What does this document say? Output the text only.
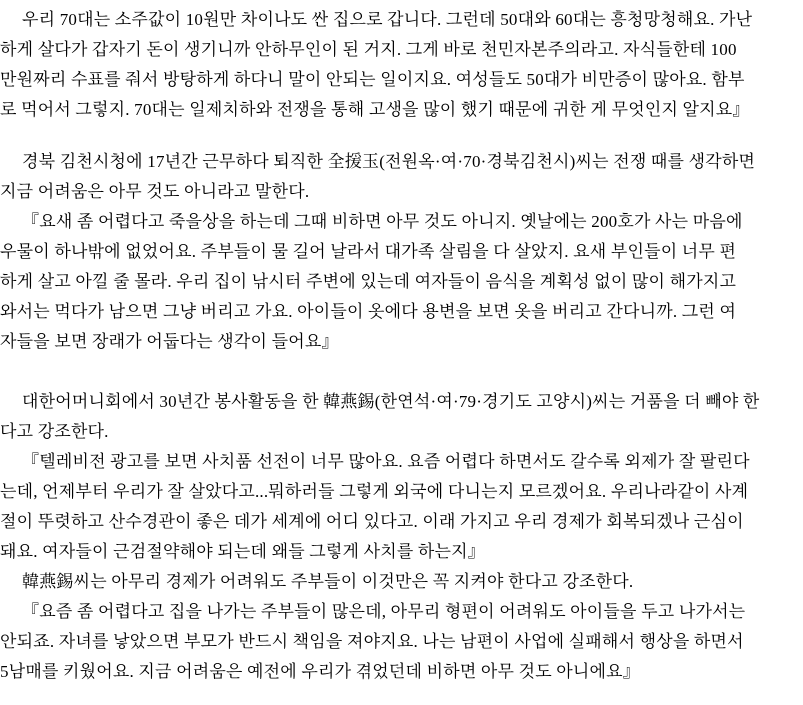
우리 70대는 소주값이 10원만 차이나도 싼 집으로 갑니다. 그런데 50대와 60대는 흥청망청해요. 가난
하게 살다가 갑자기 돈이 생기니까 안하무인이 된 거지. 그게 바로 천민자본주의라고. 자식들한테 100
만원짜리 수표를 줘서 방탕하게 하다니 말이 안되는 일이지요. 여성들도 50대가 비만증이 많아요. 함부
로 먹어서 그렇지. 70대는 일제치하와 전쟁을 통해 고생을 많이 했기 때문에 귀한 게 무엇인지 알지요』
경북 김천시청에 17년간 근무하다 퇴직한 全援玉(전원옥·여·70·경북김천시)씨는 전쟁 때를 생각하면
지금 어려움은 아무 것도 아니라고 말한다.
『요새 좀 어렵다고 죽을상을 하는데 그때 비하면 아무 것도 아니지. 옛날에는 200호가 사는 마음에
우물이 하나밖에 없었어요. 주부들이 물 길어 날라서 대가족 살림을 다 살았지. 요새 부인들이 너무 편
하게 살고 아낄 줄 몰라. 우리 집이 낚시터 주변에 있는데 여자들이 음식을 계획성 없이 많이 해가지고
와서는 먹다가 남으면 그냥 버리고 가요. 아이들이 옷에다 용변을 보면 옷을 버리고 간다니까. 그런 여
자들을 보면 장래가 어둡다는 생각이 들어요』
대한어머니회에서 30년간 봉사활동을 한 韓燕錫(한연석·여·79·경기도 고양시)씨는 거품을 더 빼야 한
다고 강조한다.
『텔레비전 광고를 보면 사치품 선전이 너무 많아요. 요즘 어렵다 하면서도 갈수록 외제가 잘 팔린다
는데, 언제부터 우리가 잘 살았다고...뭐하러들 그렇게 외국에 다니는지 모르겠어요. 우리나라같이 사계
절이 뚜렷하고 산수경관이 좋은 데가 세계에 어디 있다고. 이래 가지고 우리 경제가 회복되겠나 근심이
돼요. 여자들이 근검절약해야 되는데 왜들 그렇게 사치를 하는지』
韓燕錫씨는 아무리 경제가 어려워도 주부들이 이것만은 꼭 지켜야 한다고 강조한다.
『요즘 좀 어렵다고 집을 나가는 주부들이 많은데, 아무리 형편이 어려워도 아이들을 두고 나가서는
안되죠. 자녀를 낳았으면 부모가 반드시 책임을 져야지요. 나는 남편이 사업에 실패해서 행상을 하면서
5남매를 키웠어요. 지금 어려움은 예전에 우리가 겪었던데 비하면 아무 것도 아니에요』
